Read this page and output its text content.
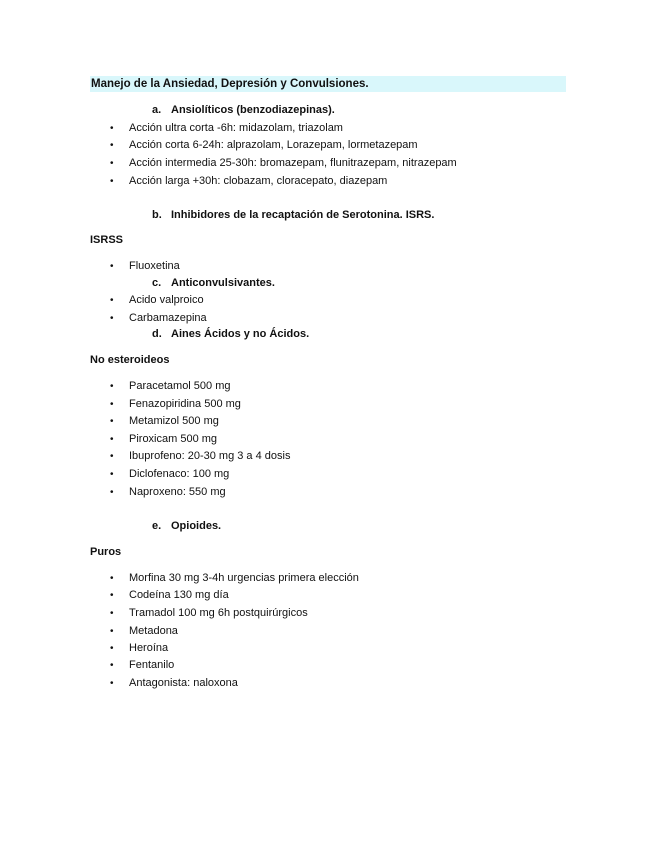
Manejo de la Ansiedad, Depresión y Convulsiones.
a. Ansiolíticos (benzodiazepinas).
• Acción ultra corta -6h: midazolam, triazolam
• Acción corta 6-24h: alprazolam, Lorazepam, lormetazepam
• Acción intermedia 25-30h: bromazepam, flunitrazepam, nitrazepam
• Acción larga +30h: clobazam, cloracepato, diazepam
b. Inhibidores de la recaptación de Serotonina. ISRS.
ISRSS
• Fluoxetina
c. Anticonvulsivantes.
• Acido valproico
• Carbamazepina
d. Aines Ácidos y no Ácidos.
No esteroideos
• Paracetamol 500 mg
• Fenazopiridina 500 mg
• Metamizol 500 mg
• Piroxicam 500 mg
• Ibuprofeno: 20-30 mg 3 a 4 dosis
• Diclofenaco: 100 mg
• Naproxeno: 550 mg
e. Opioides.
Puros
• Morfina 30 mg 3-4h urgencias primera elección
• Codeína 130 mg día
• Tramadol 100 mg 6h postquirúrgicos
• Metadona
• Heroína
• Fentanilo
• Antagonista: naloxona
